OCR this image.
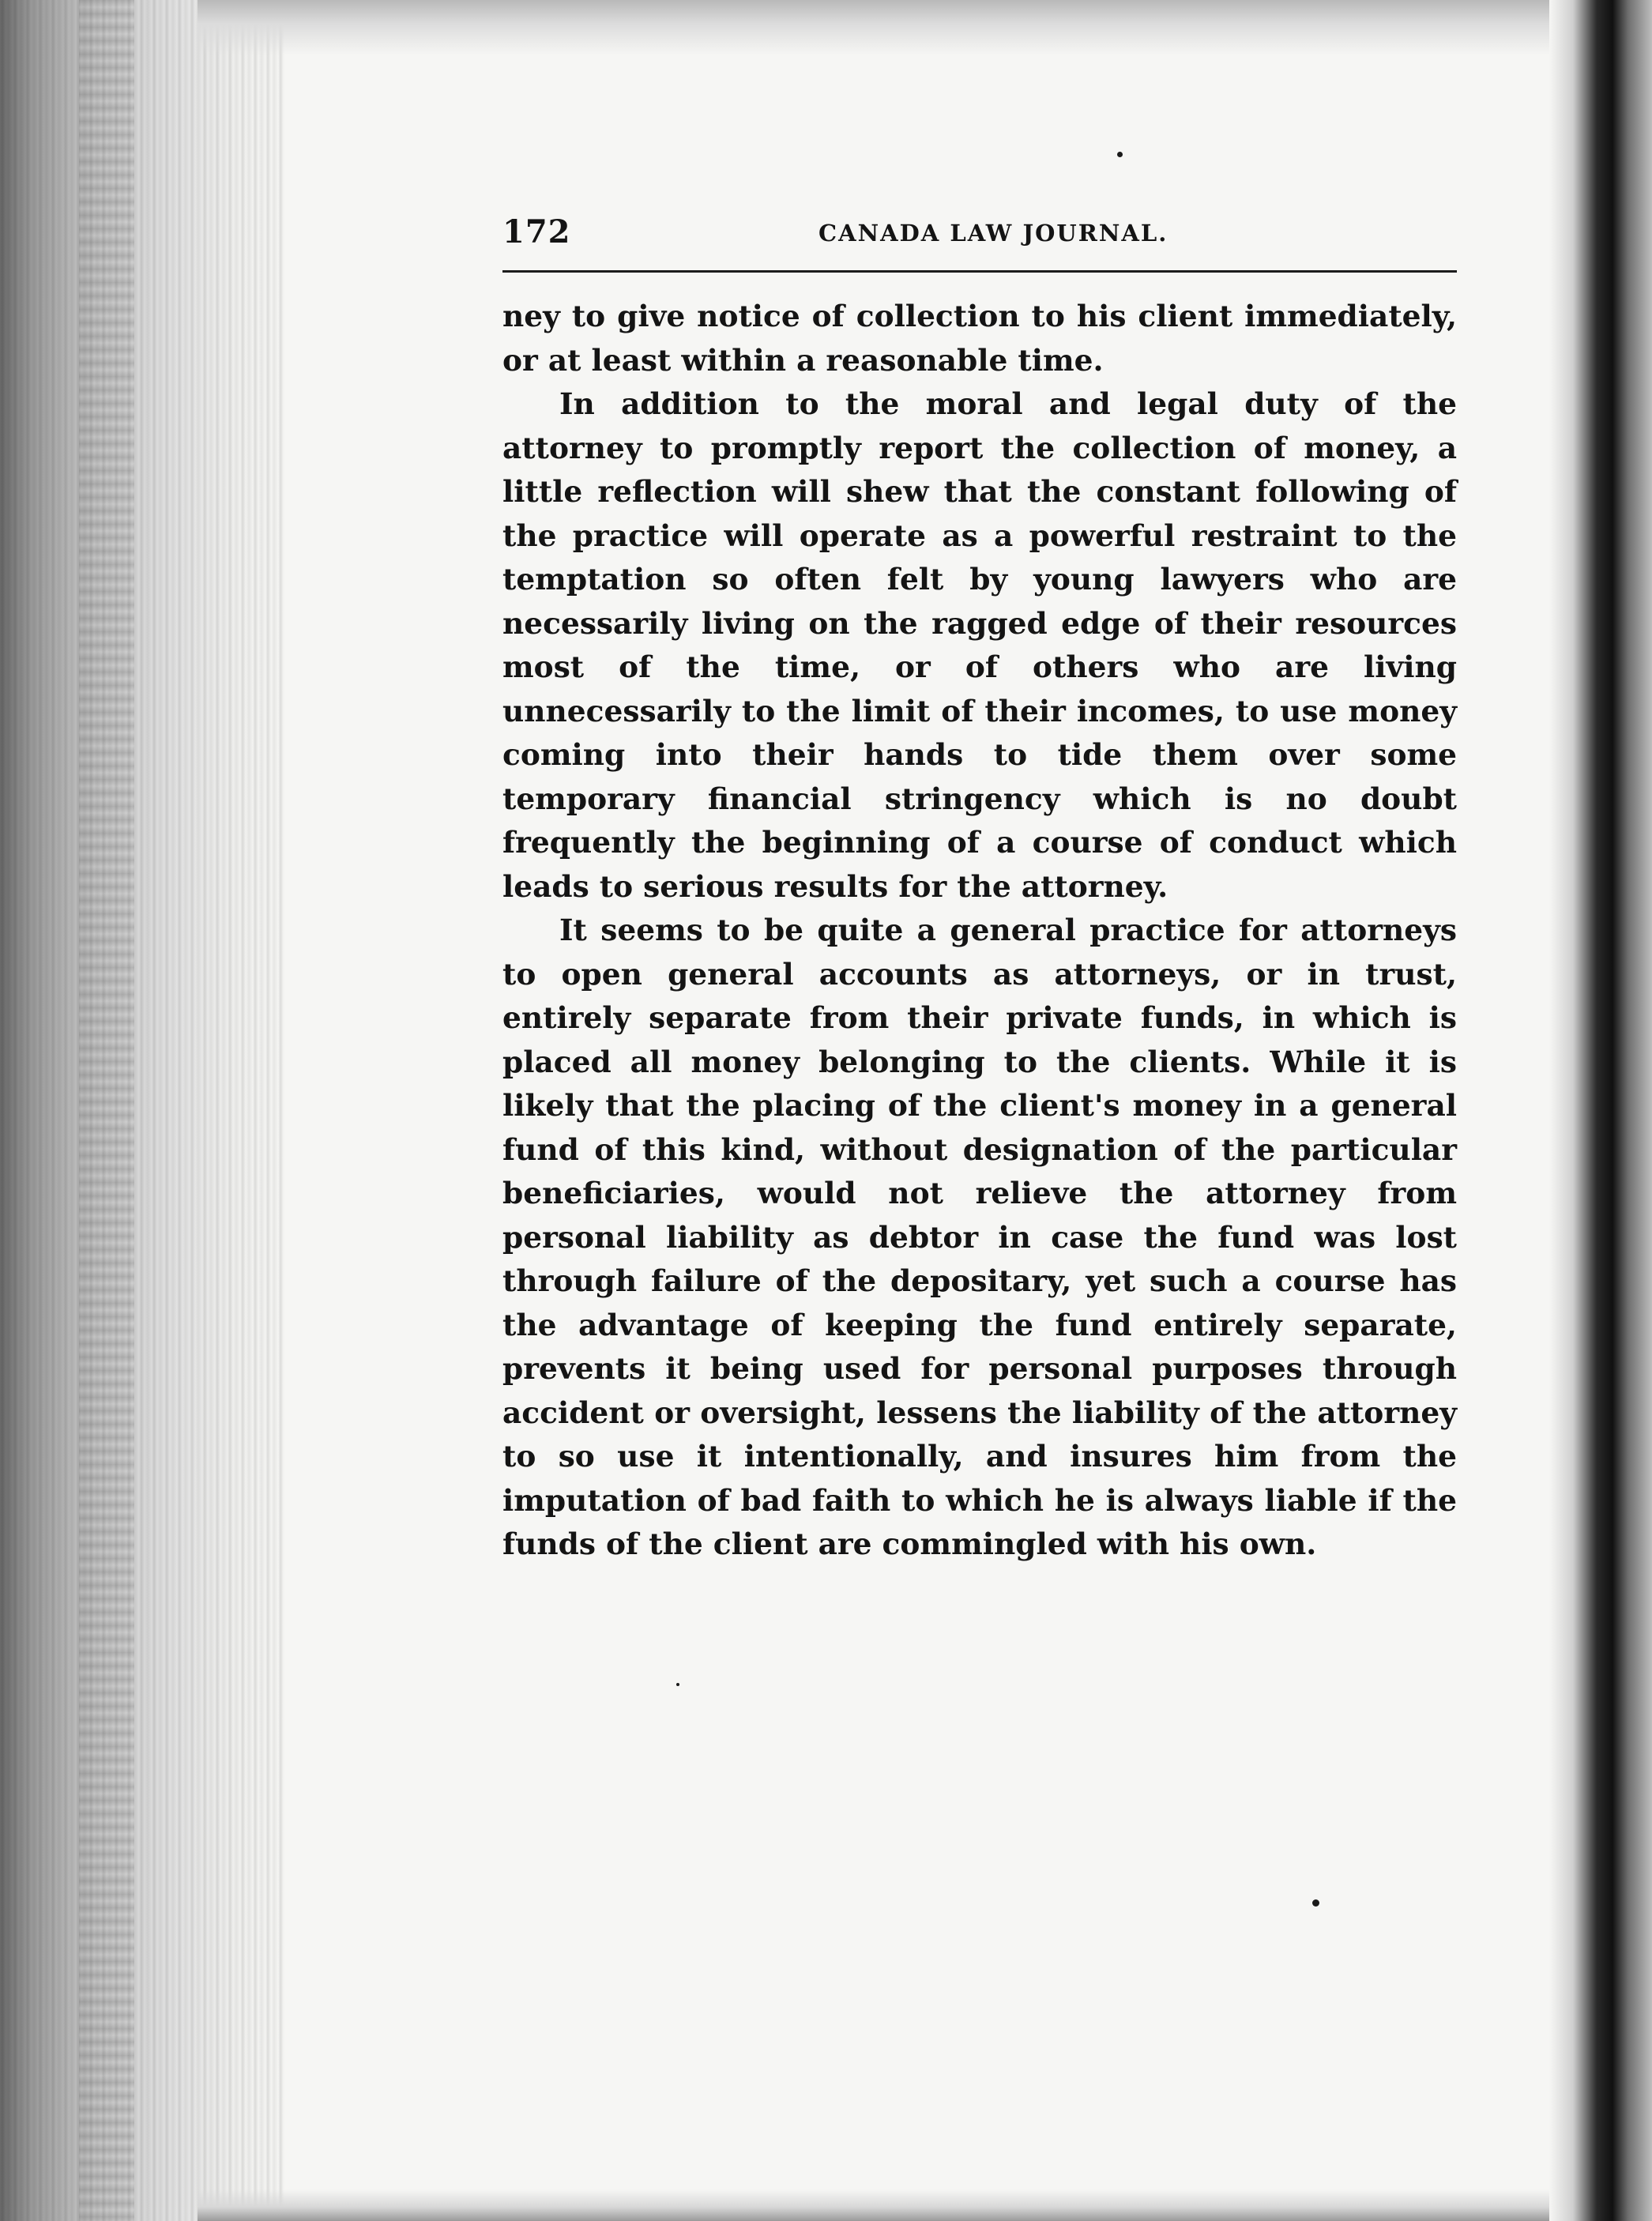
172	CANADA LAW JOURNAL.

ney to give notice of collection to his client immediately, or at least within a reasonable time.

In addition to the moral and legal duty of the attorney to promptly report the collection of money, a little reflection will shew that the constant following of the practice will operate as a powerful restraint to the temptation so often felt by young lawyers who are necessarily living on the ragged edge of their resources most of the time, or of others who are living unnecessarily to the limit of their incomes, to use money coming into their hands to tide them over some temporary financial stringency which is no doubt frequently the beginning of a course of conduct which leads to serious results for the attorney.

It seems to be quite a general practice for attorneys to open general accounts as attorneys, or in trust, entirely separate from their private funds, in which is placed all money belonging to the clients. While it is likely that the placing of the client's money in a general fund of this kind, without designation of the particular beneficiaries, would not relieve the attorney from personal liability as debtor in case the fund was lost through failure of the depositary, yet such a course has the advantage of keeping the fund entirely separate, prevents it being used for personal purposes through accident or oversight, lessens the liability of the attorney to so use it intentionally, and insures him from the imputation of bad faith to which he is always liable if the funds of the client are commingled with his own.
